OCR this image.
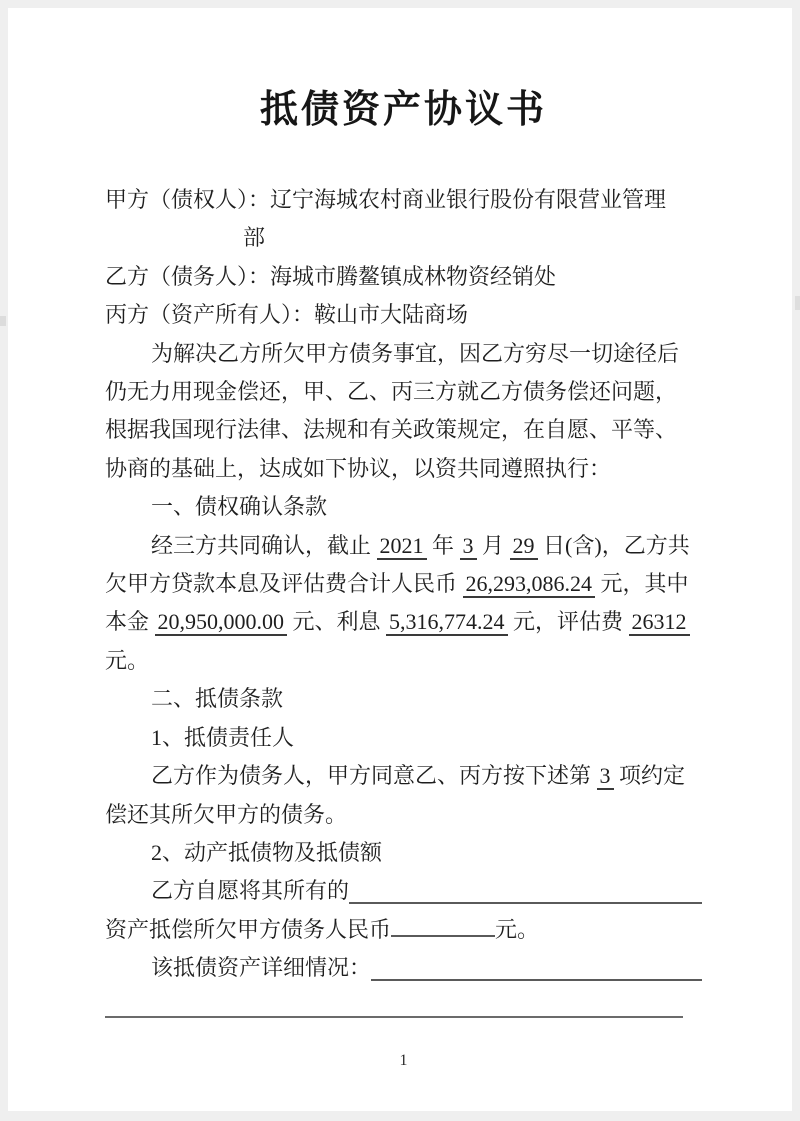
抵债资产协议书
甲方（债权人）：辽宁海城农村商业银行股份有限营业管理
部
乙方（债务人）：海城市腾鳌镇成林物资经销处
丙方（资产所有人）：鞍山市大陆商场
为解决乙方所欠甲方债务事宜，因乙方穷尽一切途径后
仍无力用现金偿还，甲、乙、丙三方就乙方债务偿还问题，
根据我国现行法律、法规和有关政策规定，在自愿、平等、
协商的基础上，达成如下协议，以资共同遵照执行：
一、债权确认条款
经三方共同确认，截止 2021 年 3 月 29 日(含)，乙方共
欠甲方贷款本息及评估费合计人民币 26,293,086.24 元，其中
本金 20,950,000.00 元、利息 5,316,774.24 元，评估费 26312
元。
二、抵债条款
1、抵债责任人
乙方作为债务人，甲方同意乙、丙方按下述第 3 项约定
偿还其所欠甲方的债务。
2、动产抵债物及抵债额
乙方自愿将其所有的
资产抵偿所欠甲方债务人民币	元。
该抵债资产详细情况：
1
